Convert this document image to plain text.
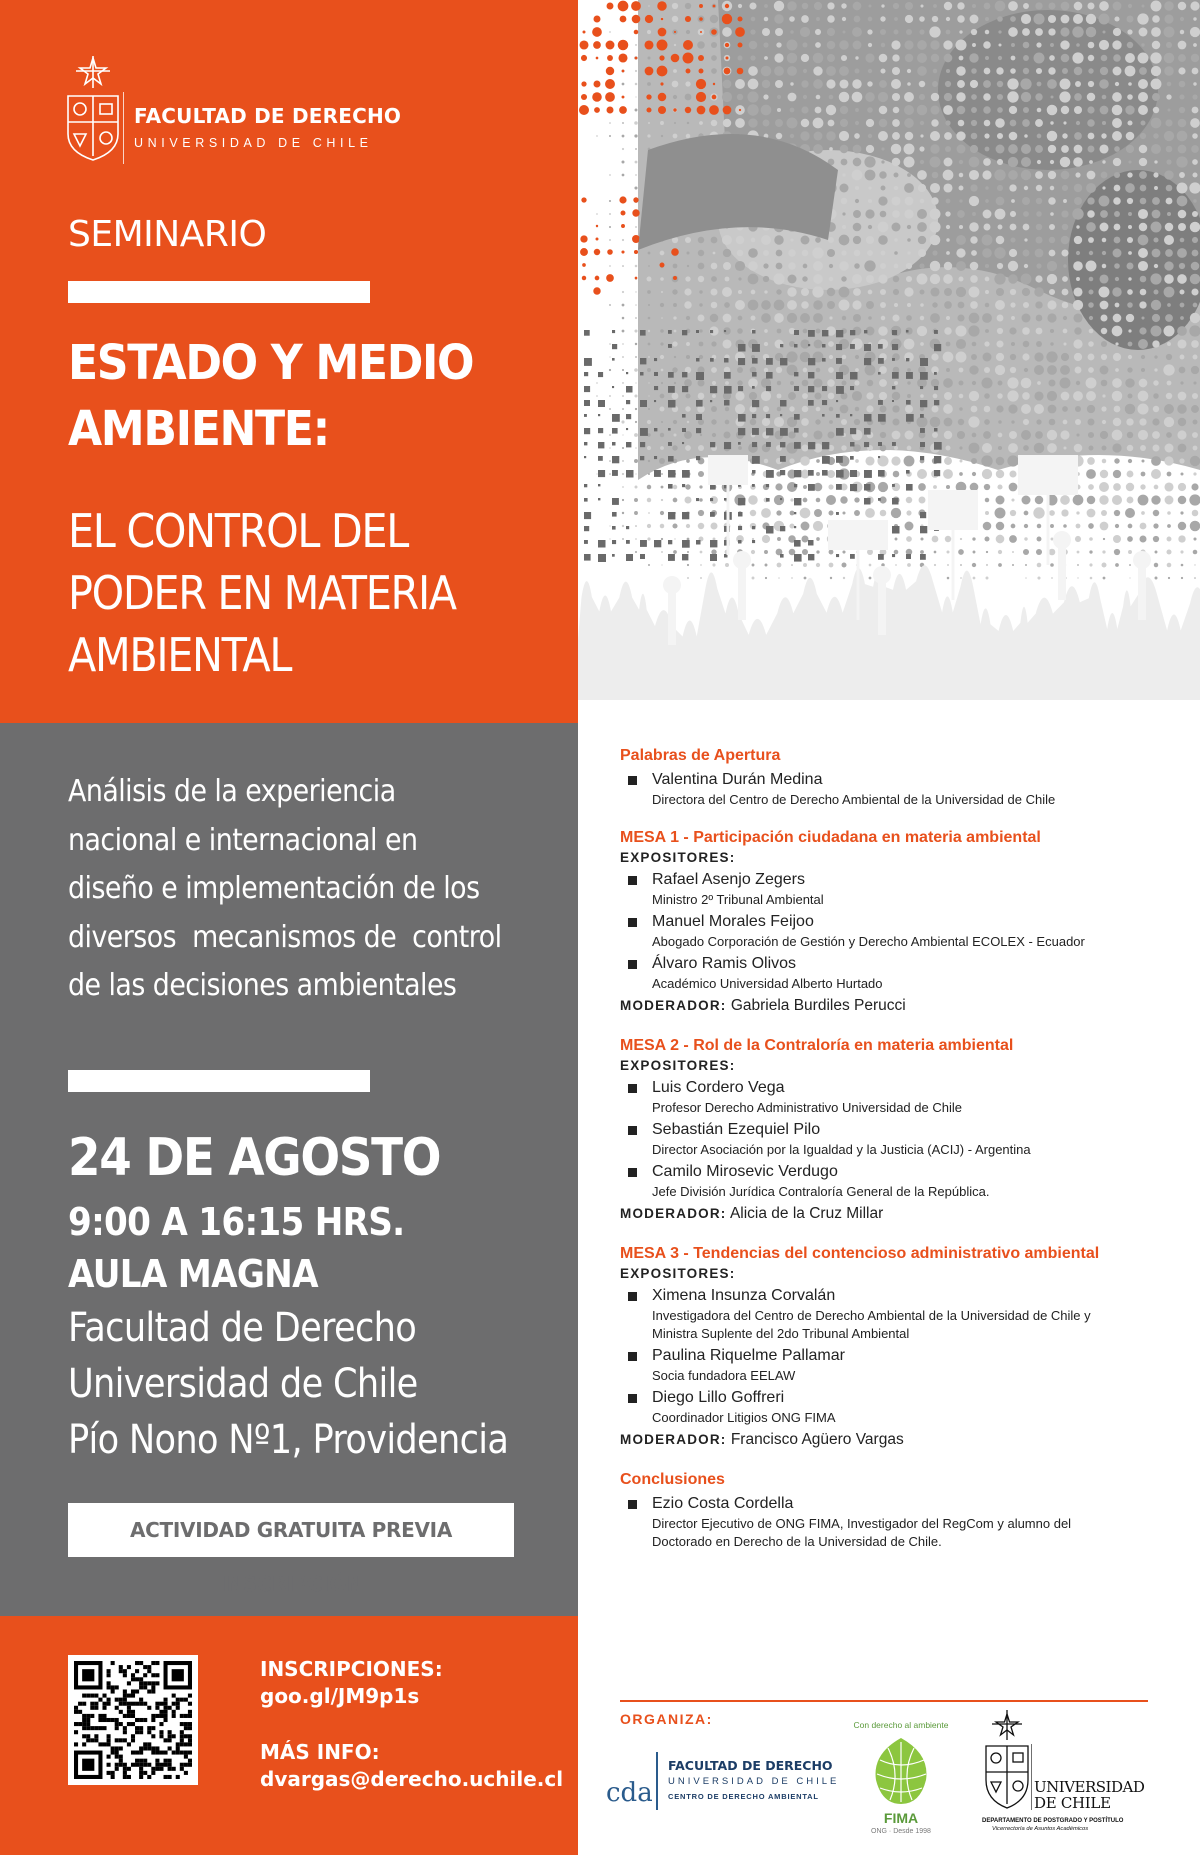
FACULTAD DE DERECHO
UNIVERSIDAD DE CHILE
SEMINARIO
ESTADO Y MEDIO
AMBIENTE:
EL CONTROL DEL
PODER EN MATERIA
AMBIENTAL
Análisis de la experiencia
nacional e internacional en
diseño e implementación de los
diversos  mecanismos de  control
de las decisiones ambientales
24 DE AGOSTO
9:00 A 16:15 HRS.
AULA MAGNA
Facultad de Derecho
Universidad de Chile
Pío Nono Nº1, Providencia
ACTIVIDAD GRATUITA PREVIA INSCRIPCIÓN
INSCRIPCIONES:
goo.gl/JM9p1s
MÁS INFO:
dvargas@derecho.uchile.cl
Palabras de Apertura
Valentina Durán Medina
Directora del Centro de Derecho Ambiental de la Universidad de Chile
MESA 1 - Participación ciudadana en materia ambiental
EXPOSITORES:
Rafael Asenjo Zegers
Ministro 2º Tribunal Ambiental
Manuel Morales Feijoo
Abogado Corporación de Gestión y Derecho Ambiental ECOLEX - Ecuador
Álvaro Ramis Olivos
Académico Universidad Alberto Hurtado
MODERADOR: Gabriela Burdiles Perucci
MESA 2 - Rol de la Contraloría en materia ambiental
EXPOSITORES:
Luis Cordero Vega
Profesor Derecho Administrativo Universidad de Chile
Sebastián Ezequiel Pilo
Director Asociación por la Igualdad y la Justicia (ACIJ) - Argentina
Camilo Mirosevic Verdugo
Jefe División Jurídica Contraloría General de la República.
MODERADOR: Alicia de la Cruz Millar
MESA 3 - Tendencias del contencioso administrativo ambiental
EXPOSITORES:
Ximena Insunza Corvalán
Investigadora del Centro de Derecho Ambiental de la Universidad de Chile y
Ministra Suplente del 2do Tribunal Ambiental
Paulina Riquelme Pallamar
Socia fundadora EELAW
Diego Lillo Goffreri
Coordinador Litigios ONG FIMA
MODERADOR: Francisco Agüero Vargas
Conclusiones
Ezio Costa Cordella
Director Ejecutivo de ONG FIMA, Investigador del RegCom y alumno del
Doctorado en Derecho de la Universidad de Chile.
ORGANIZA:
cda
FACULTAD DE DERECHO
UNIVERSIDAD DE CHILE
CENTRO DE DERECHO AMBIENTAL
Con derecho al ambiente
FIMA
ONG · Desde 1998
UNIVERSIDAD
DE CHILE
DEPARTAMENTO DE POSTGRADO Y POSTÍTULO
Vicerrectoría de Asuntos Académicos
